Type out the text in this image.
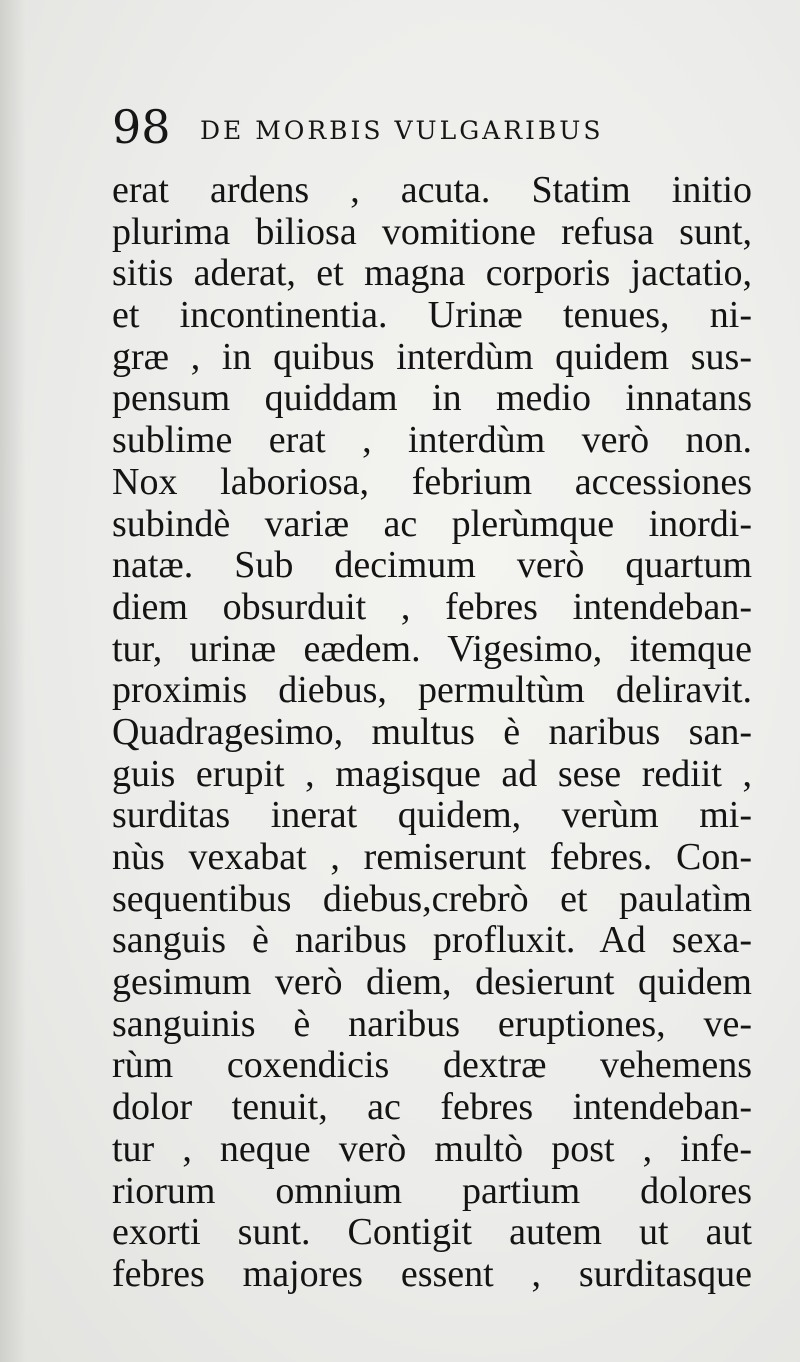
98 DE MORBIS VULGARIBUS
erat ardens , acuta. Statim initio
plurima biliosa vomitione refusa sunt,
sitis aderat, et magna corporis jactatio,
et incontinentia. Urinæ tenues, ni-
græ , in quibus interdùm quidem sus-
pensum quiddam in medio innatans
sublime erat , interdùm verò non.
Nox laboriosa, febrium accessiones
subindè variæ ac plerùmque inordi-
natæ. Sub decimum verò quartum
diem obsurduit , febres intendeban-
tur, urinæ eædem. Vigesimo, itemque
proximis diebus, permultùm deliravit.
Quadragesimo, multus è naribus san-
guis erupit , magisque ad sese rediit ,
surditas inerat quidem, verùm mi-
nùs vexabat , remiserunt febres. Con-
sequentibus diebus,crebrò et paulatìm
sanguis è naribus profluxit. Ad sexa-
gesimum verò diem, desierunt quidem
sanguinis è naribus eruptiones, ve-
rùm coxendicis dextræ vehemens
dolor tenuit, ac febres intendeban-
tur , neque verò multò post , infe-
riorum omnium partium dolores
exorti sunt. Contigit autem ut aut
febres majores essent , surditasque
